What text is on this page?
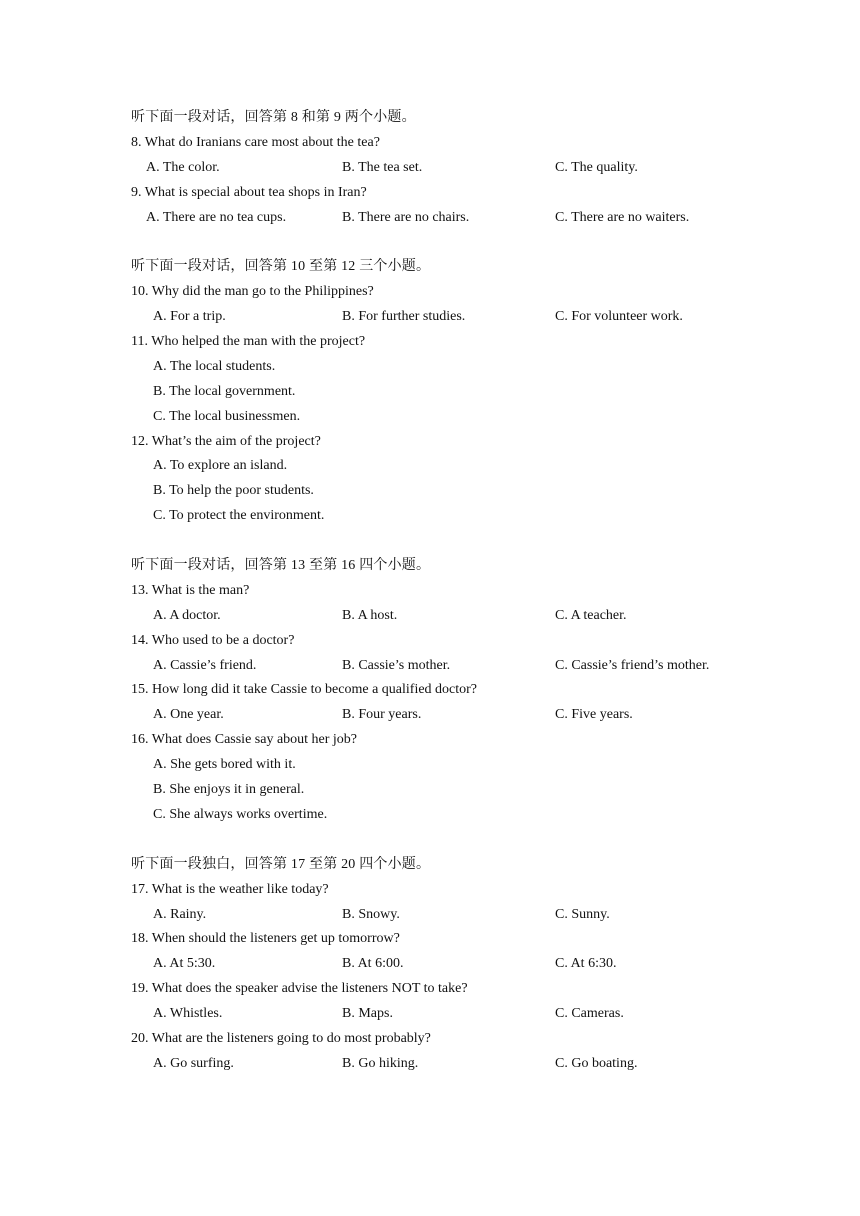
听下面一段对话，回答第 8 和第 9 两个小题。
8. What do Iranians care most about the tea?
A. The color.	B. The tea set.	C. The quality.
9. What is special about tea shops in Iran?
A. There are no tea cups.	B. There are no chairs.	C. There are no waiters.
听下面一段对话，回答第 10 至第 12 三个小题。
10. Why did the man go to the Philippines?
A. For a trip.	B. For further studies.	C. For volunteer work.
11. Who helped the man with the project?
A. The local students.
B. The local government.
C. The local businessmen.
12. What’s the aim of the project?
A. To explore an island.
B. To help the poor students.
C. To protect the environment.
听下面一段对话，回答第 13 至第 16 四个小题。
13. What is the man?
A. A doctor.	B. A host.	C. A teacher.
14. Who used to be a doctor?
A. Cassie’s friend.	B. Cassie’s mother.	C. Cassie’s friend’s mother.
15. How long did it take Cassie to become a qualified doctor?
A. One year.	B. Four years.	C. Five years.
16. What does Cassie say about her job?
A. She gets bored with it.
B. She enjoys it in general.
C. She always works overtime.
听下面一段独白，回答第 17 至第 20 四个小题。
17. What is the weather like today?
A. Rainy.	B. Snowy.	C. Sunny.
18. When should the listeners get up tomorrow?
A. At 5:30.	B. At 6:00.	C. At 6:30.
19. What does the speaker advise the listeners NOT to take?
A. Whistles.	B. Maps.	C. Cameras.
20. What are the listeners going to do most probably?
A. Go surfing.	B. Go hiking.	C. Go boating.
